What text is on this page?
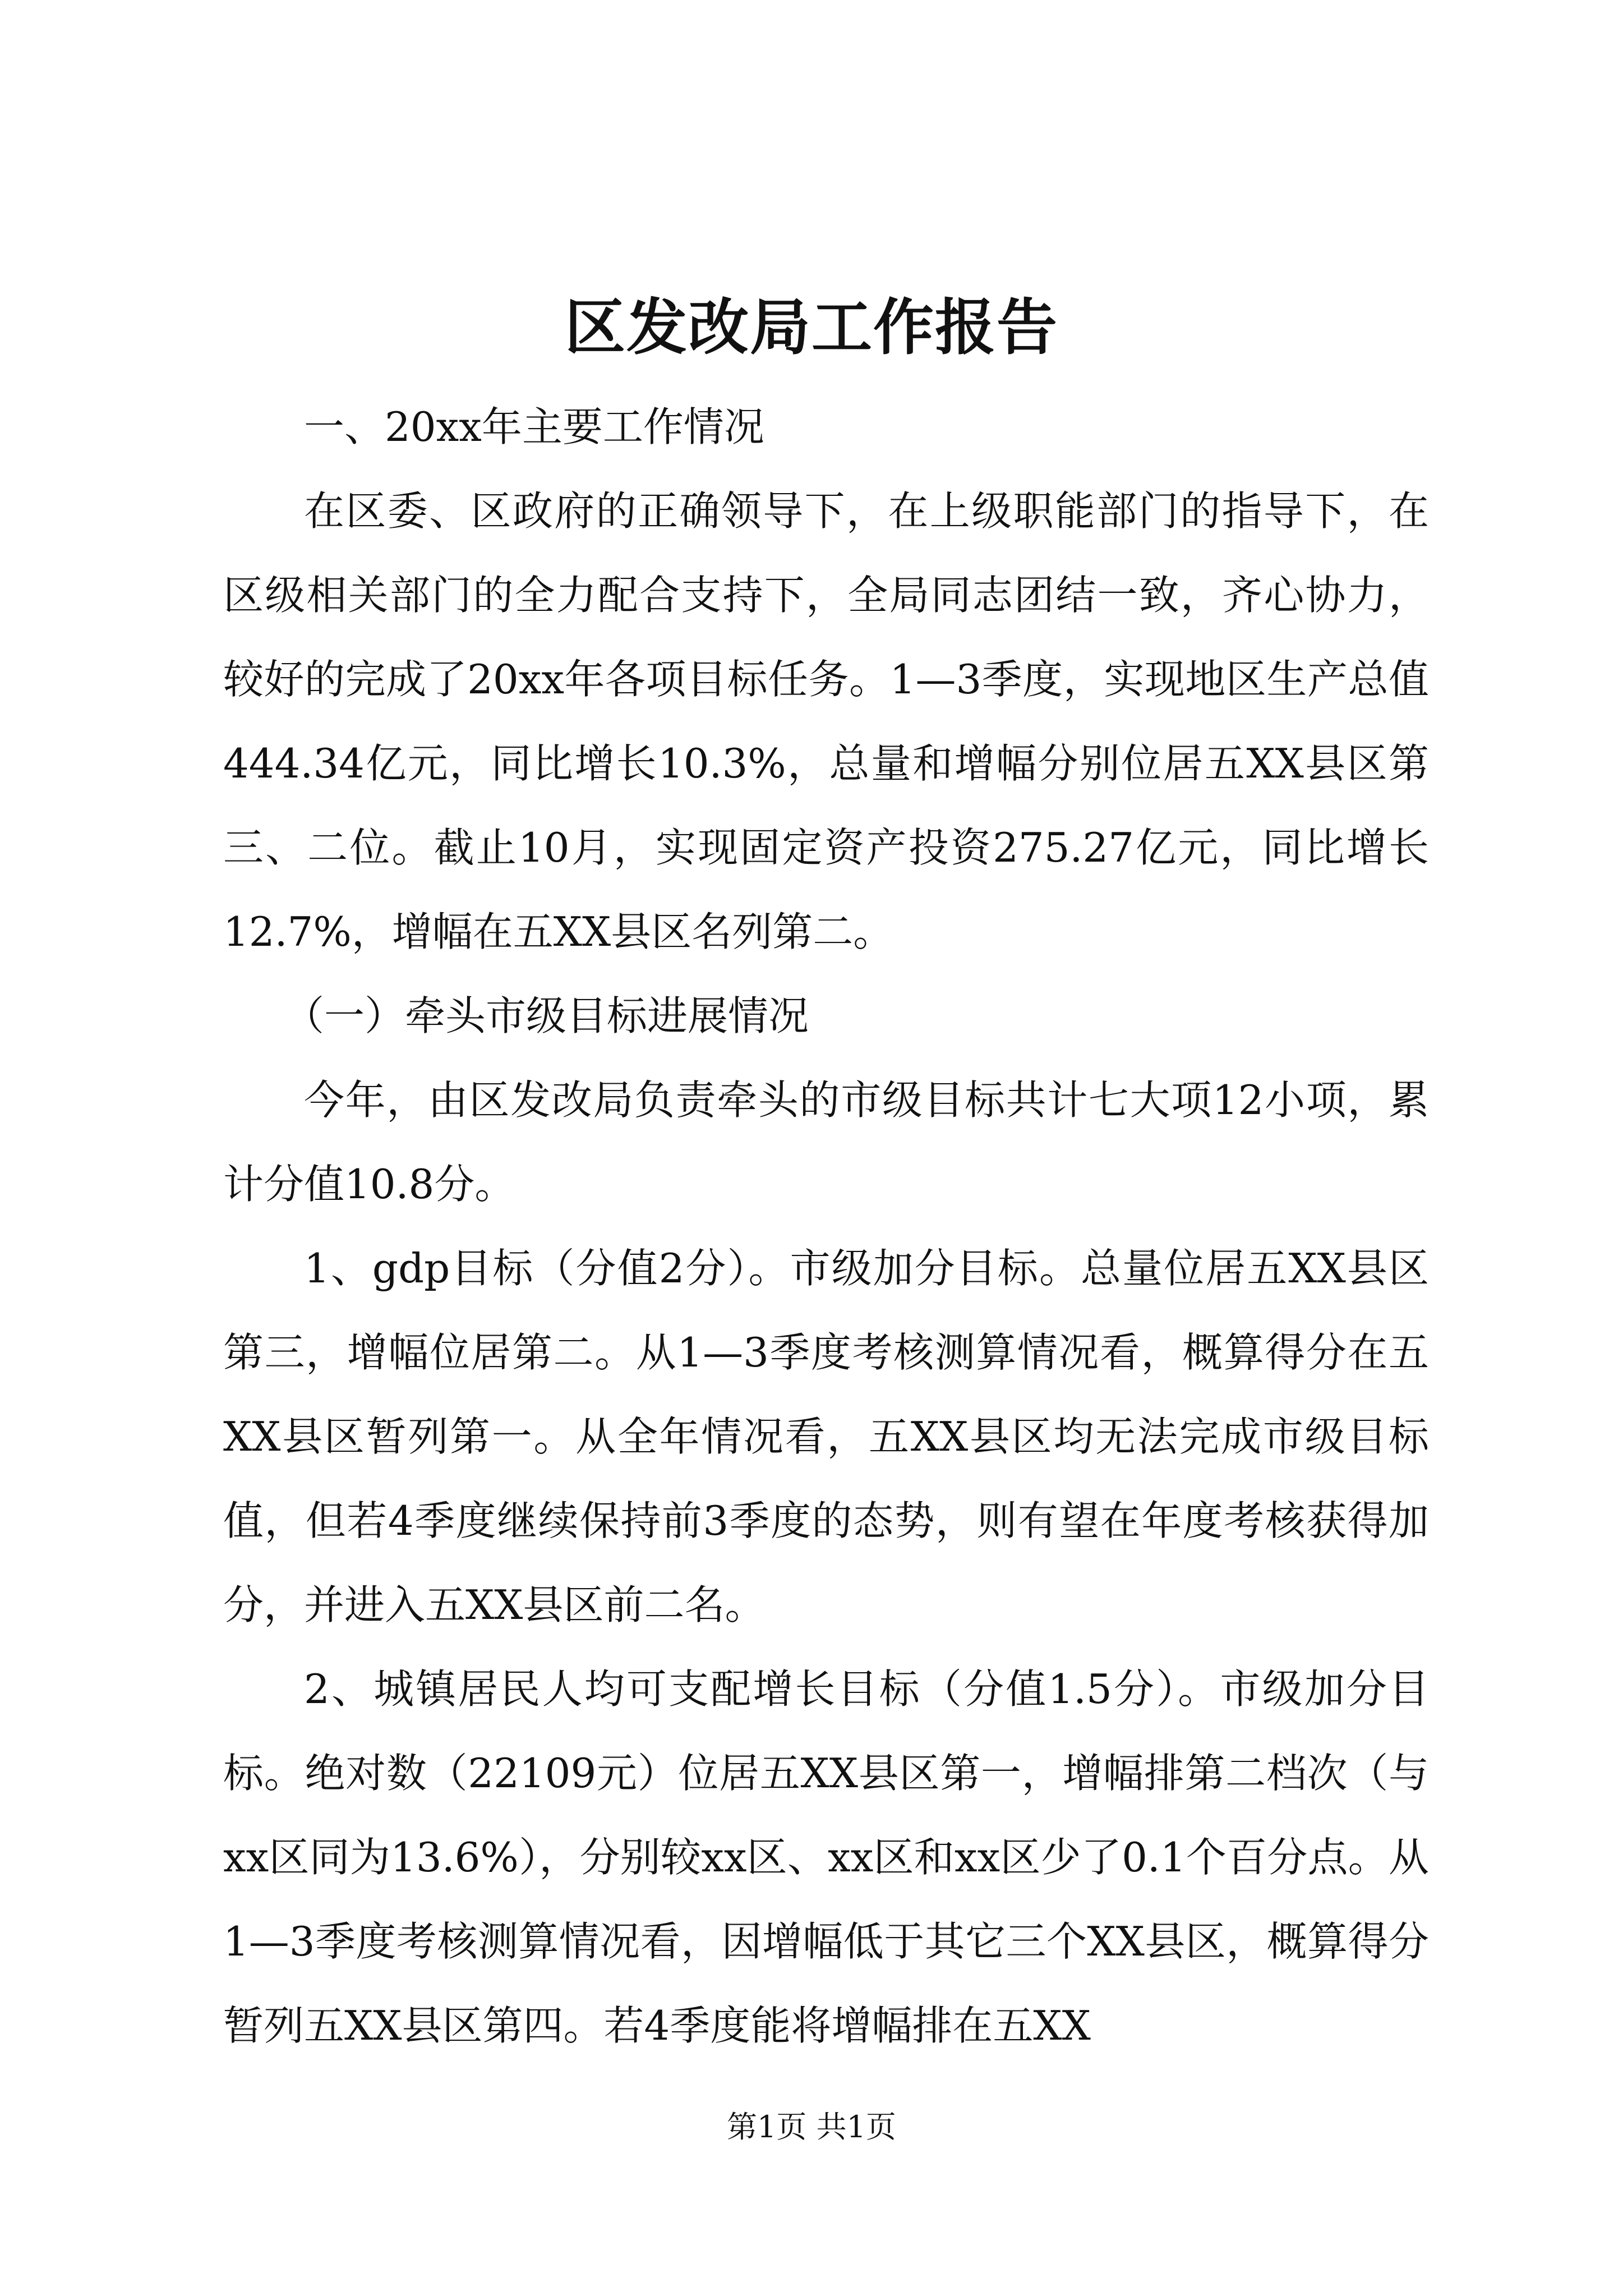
区发改局工作报告

一、20xx年主要工作情况

在区委、区政府的正确领导下，在上级职能部门的指导下，在区级相关部门的全力配合支持下，全局同志团结一致，齐心协力，较好的完成了20xx年各项目标任务。1—3季度，实现地区生产总值444.34亿元，同比增长10.3%，总量和增幅分别位居五XX县区第三、二位。截止10月，实现固定资产投资275.27亿元，同比增长12.7%，增幅在五XX县区名列第二。

（一）牵头市级目标进展情况

今年，由区发改局负责牵头的市级目标共计七大项12小项，累计分值10.8分。

1、gdp目标（分值2分）。市级加分目标。总量位居五XX县区第三，增幅位居第二。从1—3季度考核测算情况看，概算得分在五XX县区暂列第一。从全年情况看，五XX县区均无法完成市级目标值，但若4季度继续保持前3季度的态势，则有望在年度考核获得加分，并进入五XX县区前二名。

2、城镇居民人均可支配增长目标（分值1.5分）。市级加分目标。绝对数（22109元）位居五XX县区第一，增幅排第二档次（与xx区同为13.6%），分别较xx区、xx区和xx区少了0.1个百分点。从1—3季度考核测算情况看，因增幅低于其它三个XX县区，概算得分暂列五XX县区第四。若4季度能将增幅排在五XX

第1页 共1页
